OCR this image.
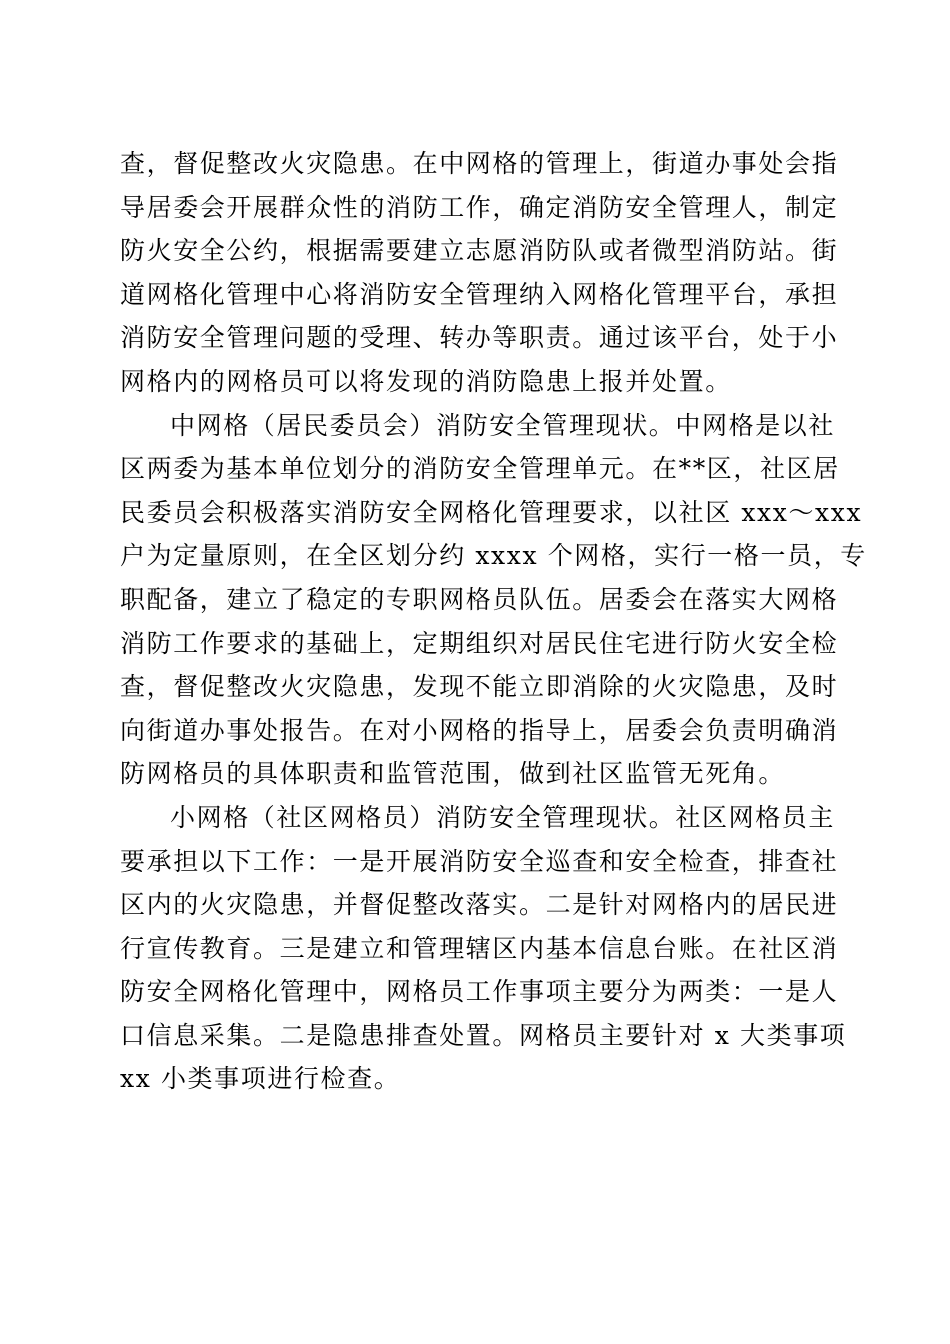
查，督促整改火灾隐患。在中网格的管理上，街道办事处会指
导居委会开展群众性的消防工作，确定消防安全管理人，制定
防火安全公约，根据需要建立志愿消防队或者微型消防站。街
道网格化管理中心将消防安全管理纳入网格化管理平台，承担
消防安全管理问题的受理、转办等职责。通过该平台，处于小
网格内的网格员可以将发现的消防隐患上报并处置。
中网格（居民委员会）消防安全管理现状。中网格是以社
区两委为基本单位划分的消防安全管理单元。在**区，社区居
民委员会积极落实消防安全网格化管理要求，以社区 xxx～xxx
户为定量原则，在全区划分约 xxxx 个网格，实行一格一员，专
职配备，建立了稳定的专职网格员队伍。居委会在落实大网格
消防工作要求的基础上，定期组织对居民住宅进行防火安全检
查，督促整改火灾隐患，发现不能立即消除的火灾隐患，及时
向街道办事处报告。在对小网格的指导上，居委会负责明确消
防网格员的具体职责和监管范围，做到社区监管无死角。
小网格（社区网格员）消防安全管理现状。社区网格员主
要承担以下工作：一是开展消防安全巡查和安全检查，排查社
区内的火灾隐患，并督促整改落实。二是针对网格内的居民进
行宣传教育。三是建立和管理辖区内基本信息台账。在社区消
防安全网格化管理中，网格员工作事项主要分为两类：一是人
口信息采集。二是隐患排查处置。网格员主要针对 x 大类事项
xx 小类事项进行检查。
